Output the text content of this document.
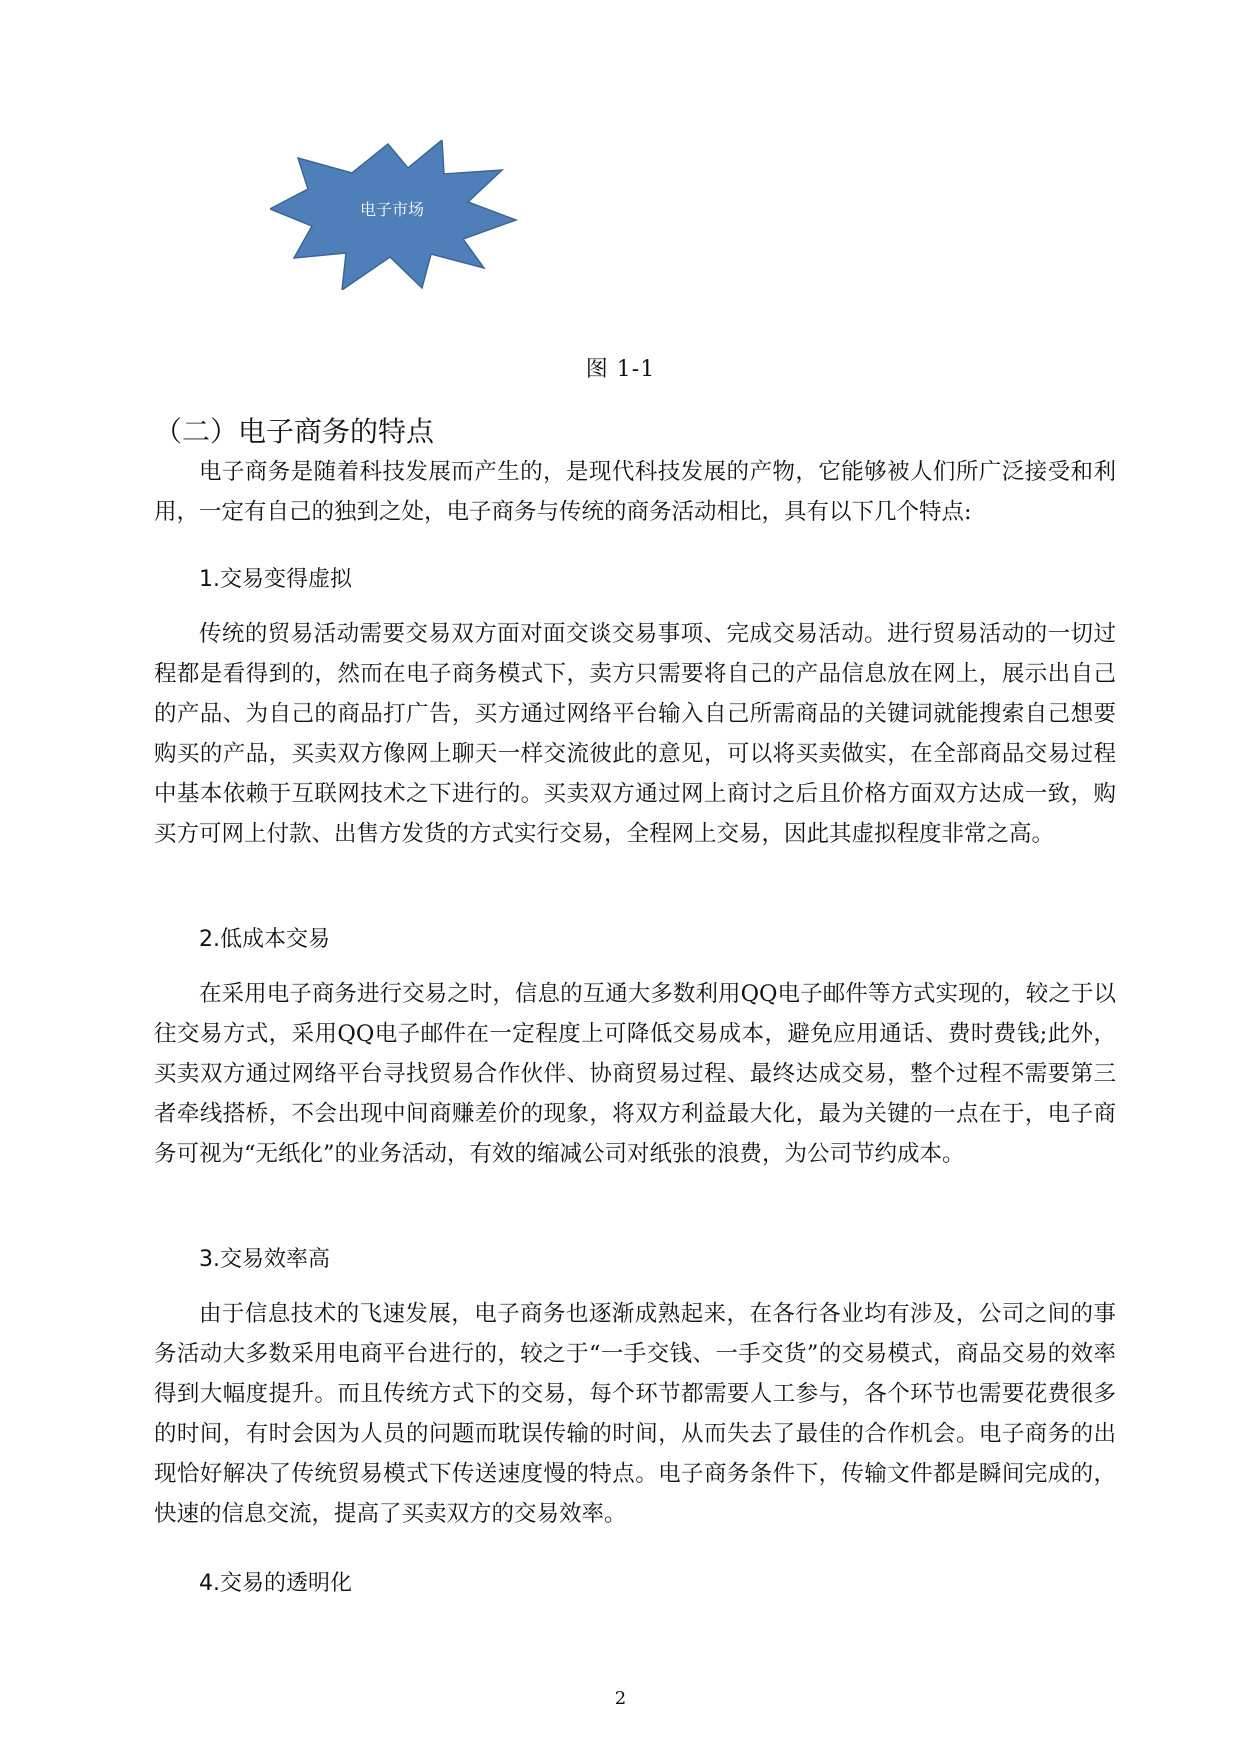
电子市场
图 1-1
（二）电子商务的特点

电子商务是随着科技发展而产生的，是现代科技发展的产物，它能够被人们所广泛接受和利用，一定有自己的独到之处，电子商务与传统的商务活动相比，具有以下几个特点:

1.交易变得虚拟

传统的贸易活动需要交易双方面对面交谈交易事项、完成交易活动。进行贸易活动的一切过程都是看得到的，然而在电子商务模式下，卖方只需要将自己的产品信息放在网上，展示出自己的产品、为自己的商品打广告，买方通过网络平台输入自己所需商品的关键词就能搜索自己想要购买的产品，买卖双方像网上聊天一样交流彼此的意见，可以将买卖做实，在全部商品交易过程中基本依赖于互联网技术之下进行的。买卖双方通过网上商讨之后且价格方面双方达成一致，购买方可网上付款、出售方发货的方式实行交易，全程网上交易，因此其虚拟程度非常之高。

2.低成本交易

在采用电子商务进行交易之时，信息的互通大多数利用QQ电子邮件等方式实现的，较之于以往交易方式，采用QQ电子邮件在一定程度上可降低交易成本，避免应用通话、费时费钱;此外，买卖双方通过网络平台寻找贸易合作伙伴、协商贸易过程、最终达成交易，整个过程不需要第三者牵线搭桥，不会出现中间商赚差价的现象，将双方利益最大化，最为关键的一点在于，电子商务可视为“无纸化”的业务活动，有效的缩减公司对纸张的浪费，为公司节约成本。

3.交易效率高

由于信息技术的飞速发展，电子商务也逐渐成熟起来，在各行各业均有涉及，公司之间的事务活动大多数采用电商平台进行的，较之于“一手交钱、一手交货”的交易模式，商品交易的效率得到大幅度提升。而且传统方式下的交易，每个环节都需要人工参与，各个环节也需要花费很多的时间，有时会因为人员的问题而耽误传输的时间，从而失去了最佳的合作机会。电子商务的出现恰好解决了传统贸易模式下传送速度慢的特点。电子商务条件下，传输文件都是瞬间完成的，快速的信息交流，提高了买卖双方的交易效率。

4.交易的透明化
2
